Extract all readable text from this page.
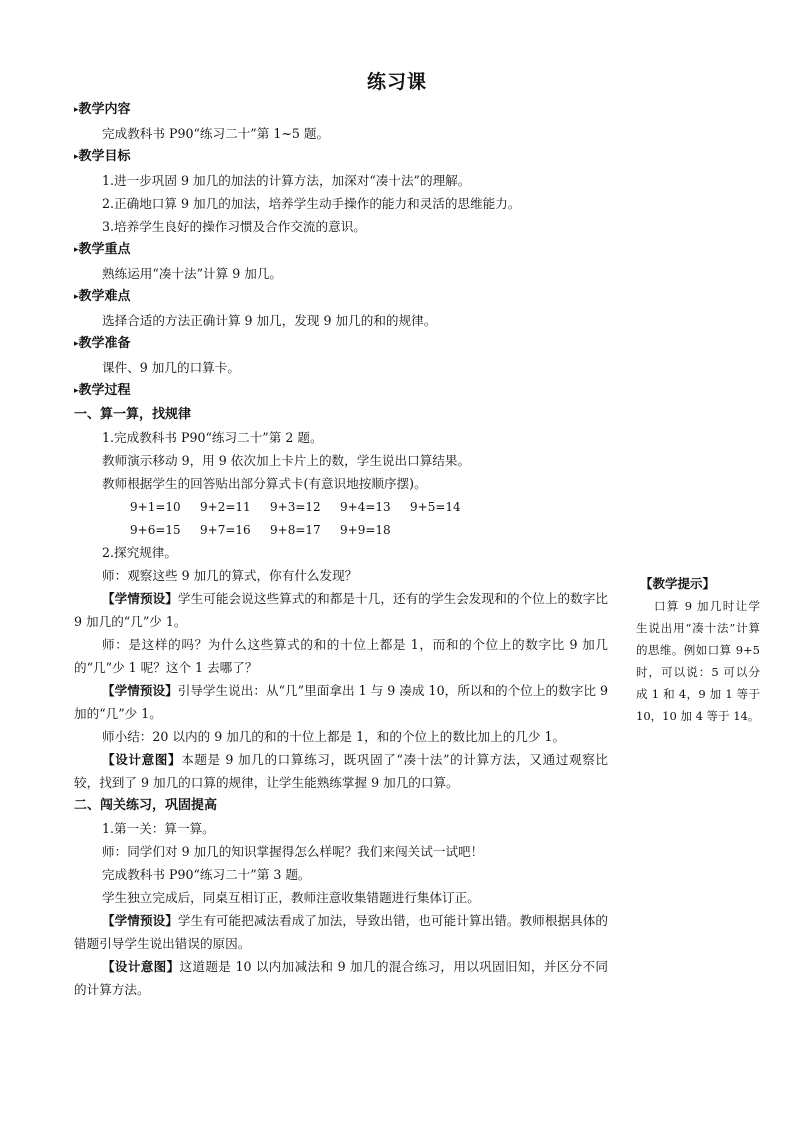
练习课

▸教学内容

完成教科书 P90“练习二十”第 1~5 题。

▸教学目标

1.进一步巩固 9 加几的加法的计算方法，加深对“凑十法”的理解。

2.正确地口算 9 加几的加法，培养学生动手操作的能力和灵活的思维能力。

3.培养学生良好的操作习惯及合作交流的意识。

▸教学重点

熟练运用“凑十法”计算 9 加几。

▸教学难点

选择合适的方法正确计算 9 加几，发现 9 加几的和的规律。

▸教学准备

课件、9 加几的口算卡。

▸教学过程

一、算一算，找规律

1.完成教科书 P90“练习二十”第 2 题。

教师演示移动 9，用 9 依次加上卡片上的数，学生说出口算结果。

教师根据学生的回答贴出部分算式卡(有意识地按顺序摆)。

9+1=10 9+2=11 9+3=12 9+4=13 9+5=14
9+6=15 9+7=16 9+8=17 9+9=18

2.探究规律。

师：观察这些 9 加几的算式，你有什么发现？

【学情预设】学生可能会说这些算式的和都是十几，还有的学生会发现和的个位上的数字比 9 加几的“几”少 1。

师：是这样的吗？为什么这些算式的和的十位上都是 1，而和的个位上的数字比 9 加几的“几”少 1 呢？这个 1 去哪了？

【学情预设】引导学生说出：从“几”里面拿出 1 与 9 凑成 10，所以和的个位上的数字比 9 加的“几”少 1。

师小结：20 以内的 9 加几的和的十位上都是 1，和的个位上的数比加上的几少 1。

【设计意图】本题是 9 加几的口算练习，既巩固了“凑十法”的计算方法，又通过观察比较，找到了 9 加几的口算的规律，让学生能熟练掌握 9 加几的口算。

二、闯关练习，巩固提高

1.第一关：算一算。

师：同学们对 9 加几的知识掌握得怎么样呢？我们来闯关试一试吧！

完成教科书 P90“练习二十”第 3 题。

学生独立完成后，同桌互相订正，教师注意收集错题进行集体订正。

【学情预设】学生有可能把减法看成了加法，导致出错，也可能计算出错。教师根据具体的错题引导学生说出错误的原因。

【设计意图】这道题是 10 以内加减法和 9 加几的混合练习，用以巩固旧知，并区分不同的计算方法。

【教学提示】
口算 9 加几时让学生说出用“凑十法”计算的思维。例如口算 9+5 时，可以说：5 可以分成 1 和 4，9 加 1 等于 10，10 加 4 等于 14。
